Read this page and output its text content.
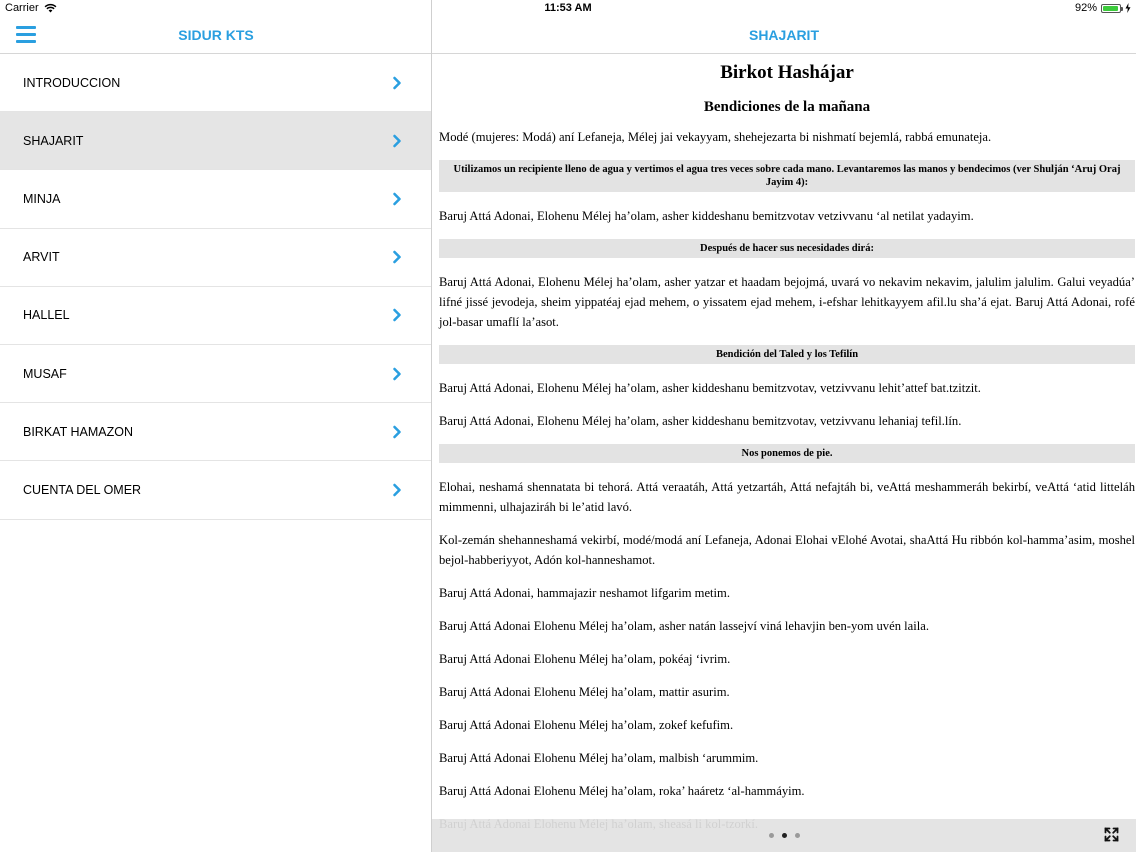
Carrier	11:53 AM	92%
SIDUR KTS
INTRODUCCION
SHAJARIT
MINJA
ARVIT
HALLEL
MUSAF
BIRKAT HAMAZON
CUENTA DEL OMER
SHAJARIT
Birkot Hashájar
Bendiciones de la mañana

Modé (mujeres: Modá) aní Lefaneja, Mélej jai vekayyam, shehejezarta bi nishmatí bejemlá, rabbá emunateja.

Utilizamos un recipiente lleno de agua y vertimos el agua tres veces sobre cada mano. Levantaremos las manos y bendecimos (ver Shulján ‘Aruj Oraj Jayim 4):

Baruj Attá Adonai, Elohenu Mélej ha’olam, asher kiddeshanu bemitzvotav vetzivvanu ‘al netilat yadayim.

Después de hacer sus necesidades dirá:

Baruj Attá Adonai, Elohenu Mélej ha’olam, asher yatzar et haadam bejojmá, uvará vo nekavim nekavim, jalulim jalulim. Galui veyadúa’ lifné jissé jevodeja, sheim yippatéaj ejad mehem, o yissatem ejad mehem, i-efshar lehitkayyem afil.lu sha’á ejat. Baruj Attá Adonai, rofé jol-basar umaflí la’asot.

Bendición del Taled y los Tefilín

Baruj Attá Adonai, Elohenu Mélej ha’olam, asher kiddeshanu bemitzvotav, vetzivvanu lehit’attef bat.tzitzit.

Baruj Attá Adonai, Elohenu Mélej ha’olam, asher kiddeshanu bemitzvotav, vetzivvanu lehaniaj tefil.lín.

Nos ponemos de pie.

Elohai, neshamá shennatata bi tehorá. Attá veraatáh, Attá yetzartáh, Attá nefajtáh bi, veAttá meshammeráh bekirbí, veAttá ‘atid litteláh mimmenni, ulhajaziráh bi le’atid lavó.

Kol-zemán shehanneshamá vekirbí, modé/modá aní Lefaneja, Adonai Elohai vElohé Avotai, shaAttá Hu ribbón kol-hamma’asim, moshel bejol-habberiyyot, Adón kol-hanneshamot.

Baruj Attá Adonai, hammajazir neshamot lifgarim metim.

Baruj Attá Adonai Elohenu Mélej ha’olam, asher natán lassejví viná lehavjin ben-yom uvén laila.

Baruj Attá Adonai Elohenu Mélej ha’olam, pokéaj ‘ivrim.

Baruj Attá Adonai Elohenu Mélej ha’olam, mattir asurim.

Baruj Attá Adonai Elohenu Mélej ha’olam, zokef kefufim.

Baruj Attá Adonai Elohenu Mélej ha’olam, malbish ‘arummim.

Baruj Attá Adonai Elohenu Mélej ha’olam, roka’ haáretz ‘al-hammáyim.
